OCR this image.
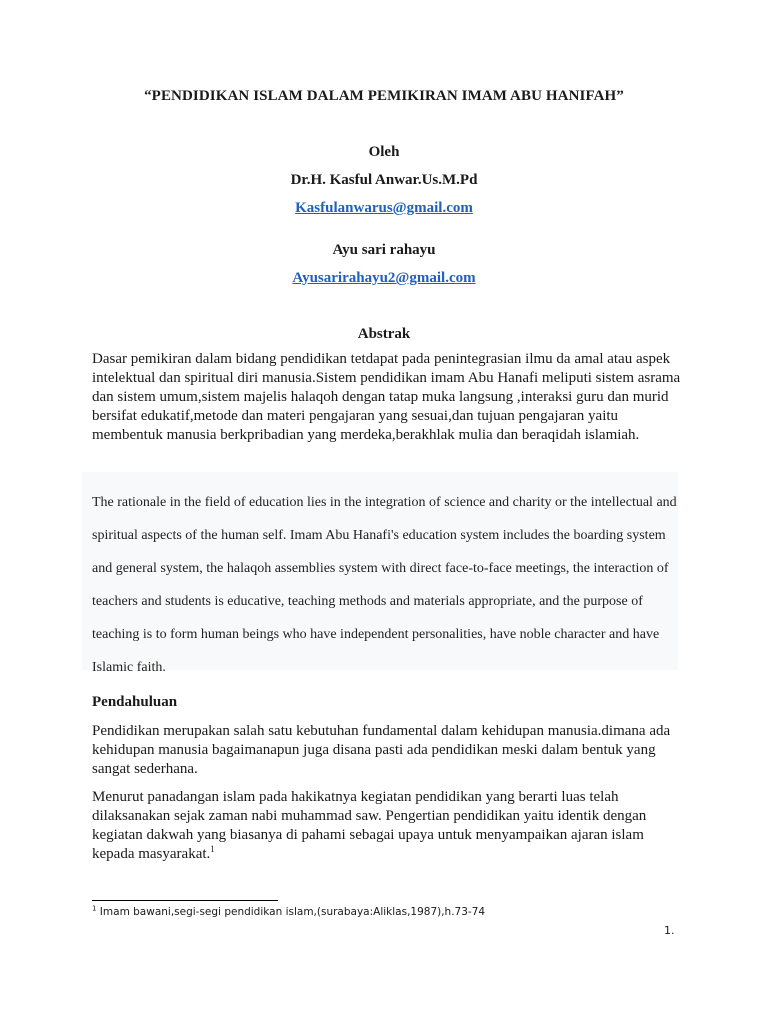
“PENDIDIKAN ISLAM DALAM PEMIKIRAN IMAM ABU HANIFAH”
Oleh
Dr.H. Kasful Anwar.Us.M.Pd
Kasfulanwarus@gmail.com
Ayu sari rahayu
Ayusarirahayu2@gmail.com
Abstrak

Dasar pemikiran dalam bidang pendidikan tetdapat pada penintegrasian ilmu da amal atau aspek intelektual dan spiritual diri manusia.Sistem pendidikan imam Abu Hanafi meliputi sistem asrama dan sistem umum,sistem majelis halaqoh dengan tatap muka langsung ,interaksi guru dan murid bersifat edukatif,metode dan materi pengajaran yang sesuai,dan tujuan pengajaran yaitu membentuk manusia berkpribadian yang merdeka,berakhlak mulia dan beraqidah islamiah.

The rationale in the field of education lies in the integration of science and charity or the intellectual and spiritual aspects of the human self. Imam Abu Hanafi's education system includes the boarding system and general system, the halaqoh assemblies system with direct face-to-face meetings, the interaction of teachers and students is educative, teaching methods and materials appropriate, and the purpose of teaching is to form human beings who have independent personalities, have noble character and have Islamic faith.

Pendahuluan

Pendidikan merupakan salah satu kebutuhan fundamental dalam kehidupan manusia.dimana ada kehidupan manusia bagaimanapun juga disana pasti ada pendidikan meski dalam bentuk yang sangat sederhana.

Menurut panadangan islam pada hakikatnya kegiatan pendidikan yang berarti luas telah dilaksanakan sejak zaman nabi muhammad saw. Pengertian pendidikan yaitu identik dengan kegiatan dakwah yang biasanya di pahami sebagai upaya untuk menyampaikan ajaran islam kepada masyarakat.$^1$

$^1$ Imam bawani,segi-segi pendidikan islam,(surabaya:Aliklas,1987),h.73-74
1.
